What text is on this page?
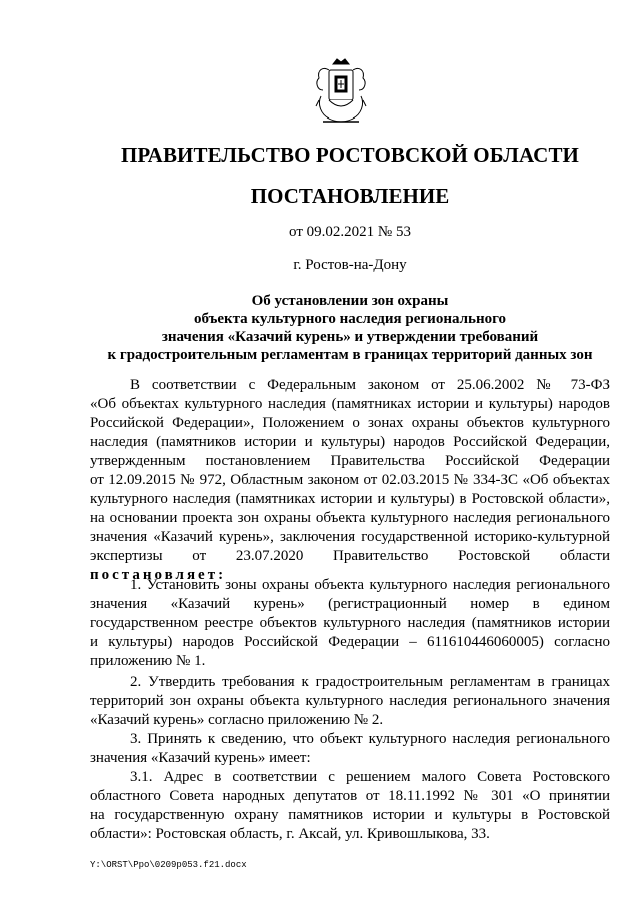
ПРАВИТЕЛЬСТВО РОСТОВСКОЙ ОБЛАСТИ
ПОСТАНОВЛЕНИЕ
от 09.02.2021 № 53
г. Ростов-на-Дону
Об установлении зон охраны
объекта культурного наследия регионального
значения «Казачий курень» и утверждении требований
к градостроительным регламентам в границах территорий данных зон
В соответствии с Федеральным законом от 25.06.2002 № 73-ФЗ
«Об объектах культурного наследия (памятниках истории и культуры) народов
Российской Федерации», Положением о зонах охраны объектов культурного
наследия (памятников истории и культуры) народов Российской Федерации,
утвержденным постановлением Правительства Российской Федерации
от 12.09.2015 № 972, Областным законом от 02.03.2015 № 334-ЗС «Об объектах
культурного наследия (памятниках истории и культуры) в Ростовской области»,
на основании проекта зон охраны объекта культурного наследия регионального
значения «Казачий курень», заключения государственной историко-культурной
экспертизы от 23.07.2020 Правительство Ростовской области
постановляет:
1. Установить зоны охраны объекта культурного наследия регионального
значения «Казачий курень» (регистрационный номер в едином
государственном реестре объектов культурного наследия (памятников истории
и культуры) народов Российской Федерации – 611610446060005) согласно
приложению № 1.
2. Утвердить требования к градостроительным регламентам в границах
территорий зон охраны объекта культурного наследия регионального значения
«Казачий курень» согласно приложению № 2.
3. Принять к сведению, что объект культурного наследия регионального
значения «Казачий курень» имеет:
3.1. Адрес в соответствии с решением малого Совета Ростовского
областного Совета народных депутатов от 18.11.1992 № 301 «О принятии
на государственную охрану памятников истории и культуры в Ростовской
области»: Ростовская область, г. Аксай, ул. Кривошлыкова, 33.
Y:\ORST\Ppo\0209p053.f21.docx
